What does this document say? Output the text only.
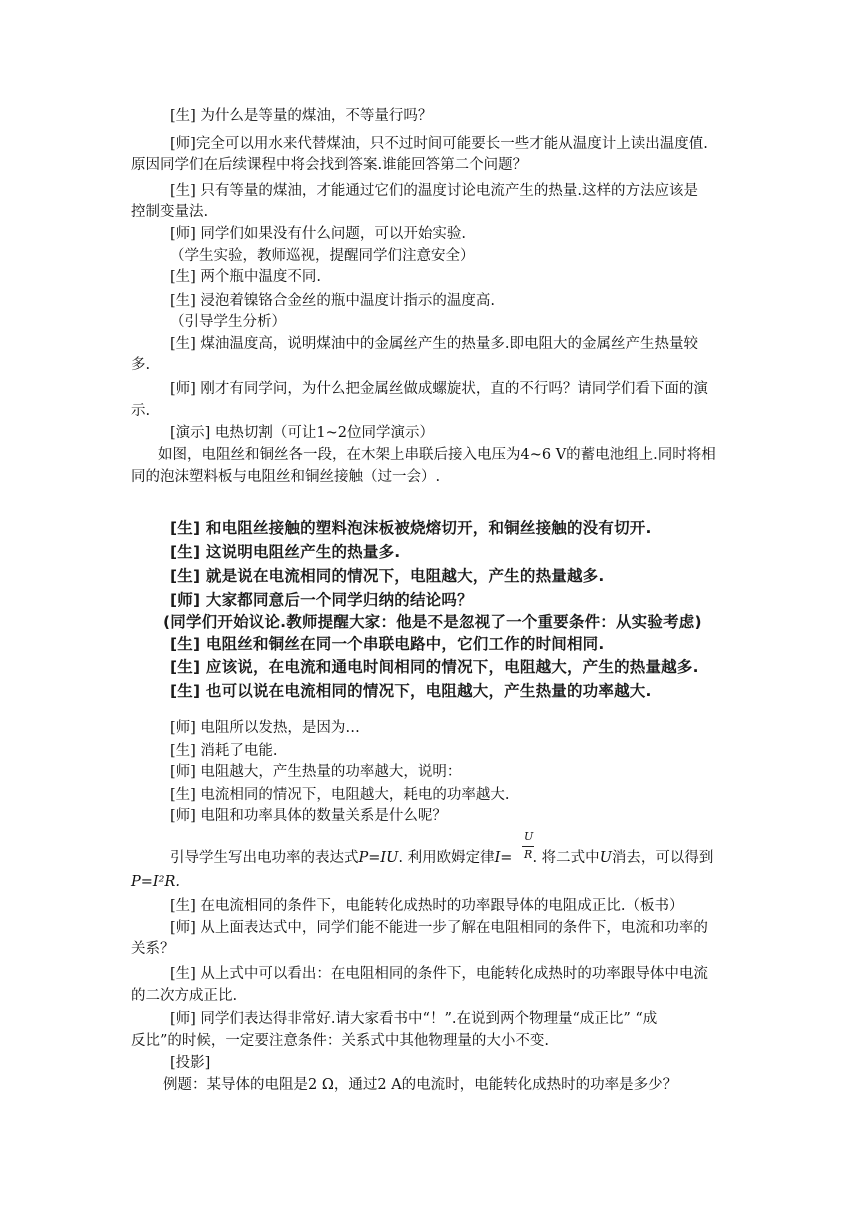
[生] 为什么是等量的煤油，不等量行吗？
[师]完全可以用水来代替煤油，只不过时间可能要长一些才能从温度计上读出温度值.
原因同学们在后续课程中将会找到答案.谁能回答第二个问题？
[生] 只有等量的煤油，才能通过它们的温度讨论电流产生的热量.这样的方法应该是
控制变量法.
[师] 同学们如果没有什么问题，可以开始实验.
（学生实验，教师巡视，提醒同学们注意安全）
[生] 两个瓶中温度不同.
[生] 浸泡着镍铬合金丝的瓶中温度计指示的温度高.
（引导学生分析）
[生] 煤油温度高，说明煤油中的金属丝产生的热量多.即电阻大的金属丝产生热量较
多.
[师] 刚才有同学问，为什么把金属丝做成螺旋状，直的不行吗？请同学们看下面的演
示.
[演示] 电热切割（可让1~2位同学演示）
如图，电阻丝和铜丝各一段，在木架上串联后接入电压为4~6 V的蓄电池组上.同时将相
同的泡沫塑料板与电阻丝和铜丝接触（过一会）.
[生] 和电阻丝接触的塑料泡沫板被烧熔切开，和铜丝接触的没有切开.
[生] 这说明电阻丝产生的热量多.
[生] 就是说在电流相同的情况下，电阻越大，产生的热量越多.
[师] 大家都同意后一个同学归纳的结论吗？
(同学们开始议论.教师提醒大家：他是不是忽视了一个重要条件：从实验考虑)
[生] 电阻丝和铜丝在同一个串联电路中，它们工作的时间相同.
[生] 应该说，在电流和通电时间相同的情况下，电阻越大，产生的热量越多.
[生] 也可以说在电流相同的情况下，电阻越大，产生热量的功率越大.
[师] 电阻所以发热，是因为…
[生] 消耗了电能.
[师] 电阻越大，产生热量的功率越大，说明：
[生] 电流相同的情况下，电阻越大，耗电的功率越大.
[师] 电阻和功率具体的数量关系是什么呢？
引导学生写出电功率的表达式P=IU. 利用欧姆定律I= . 将二式中U消去，可以得到
U
R
P=I²R.
[生] 在电流相同的条件下，电能转化成热时的功率跟导体的电阻成正比.（板书）
[师] 从上面表达式中，同学们能不能进一步了解在电阻相同的条件下，电流和功率的
关系？
[生] 从上式中可以看出：在电阻相同的条件下，电能转化成热时的功率跟导体中电流
的二次方成正比.
[师] 同学们表达得非常好.请大家看书中“！”.在说到两个物理量“成正比” “成
反比”的时候，一定要注意条件：关系式中其他物理量的大小不变.
[投影]
例题：某导体的电阻是2 Ω，通过2 A的电流时，电能转化成热时的功率是多少？
